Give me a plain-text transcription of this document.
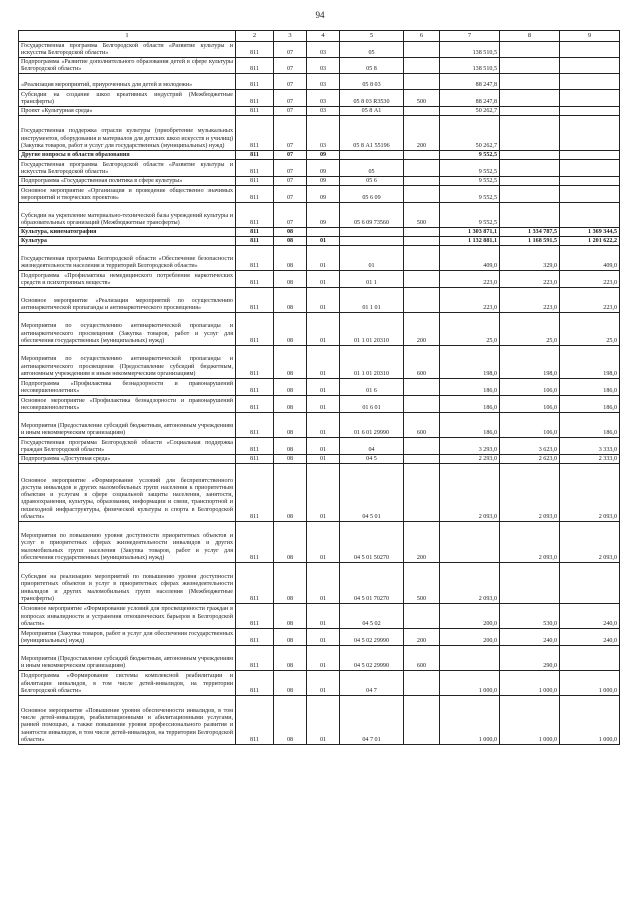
94
1	2	3	4	5	6	7	8	9
Государственная программа Белгородской области «Развитие культуры и искусства Белгородской области»	811	07	03	05		138 510,5		
Подпрограмма «Развитие дополнительного образования детей в сфере культуры Белгородской области»	811	07	03	05 8		138 510,5		
«Реализация мероприятий, приуроченных для детей и молодежи»	811	07	03	05 8 03		88 247,8		
Субсидии на создание школ креативных индустрий (Межбюджетные трансферты)	811	07	03	05 8 03 R3530	500	88 247,8		
Проект «Культурная среда»	811	07	03	05 8 А1		50 262,7		
Государственная поддержка отрасли культуры (приобретение музыкальных инструментов, оборудования и материалов для детских школ искусств и училищ) (Закупка товаров, работ и услуг для государственных (муниципальных) нужд)	811	07	03	05 8 А1 55196	200	50 262,7		
Другие вопросы в области образования	811	07	09			9 552,5		
Государственная программа Белгородской области «Развитие культуры и искусства Белгородской области»	811	07	09	05		9 552,5		
Подпрограмма «Государственная политика в сфере культуры»	811	07	09	05 6		9 552,5		
Основное мероприятие «Организация и проведение общественно значимых мероприятий и творческих проектов»	811	07	09	05 6 09		9 552,5		
Субсидии на укрепление материально-технической базы учреждений культуры и образовательных организаций (Межбюджетные трансферты)	811	07	09	05 6 09 73560	500	9 552,5		
Культура, кинематография	811	08				1 303 871,1	1 334 787,5	1 369 344,5
Культура	811	08	01			1 132 881,1	1 168 591,5	1 201 622,2
Государственная программа Белгородской области «Обеспечение безопасности жизнедеятельности населения и территорий Белгородской области»	811	08	01	01		409,0	329,0	409,0
Подпрограмма «Профилактика немедицинского потребления наркотических средств и психотропных веществ»	811	08	01	01 1		223,0	223,0	223,0
Основное мероприятие «Реализация мероприятий по осуществлению антинаркотической пропаганды и антинаркотического просвещения»	811	08	01	01 1 01		223,0	223,0	223,0
Мероприятия по осуществлению антинаркотической пропаганды и антинаркотического просвещения (Закупка товаров, работ и услуг для обеспечения государственных (муниципальных) нужд)	811	08	01	01 1 01 20310	200	25,0	25,0	25,0
Мероприятия по осуществлению антинаркотической пропаганды и антинаркотического просвещения (Предоставление субсидий бюджетным, автономным учреждениям и иным некоммерческим организациям)	811	08	01	01 1 01 20310	600	198,0	198,0	198,0
Подпрограмма «Профилактика безнадзорности и правонарушений несовершеннолетних»	811	08	01	01 6		186,0	106,0	186,0
Основное мероприятие «Профилактика безнадзорности и правонарушений несовершеннолетних»	811	08	01	01 6 01		186,0	106,0	186,0
Мероприятия (Предоставление субсидий бюджетным, автономным учреждениям и иным некоммерческим организациям)	811	08	01	01 6 01 29990	600	186,0	106,0	186,0
Государственная программа Белгородской области «Социальная поддержка граждан Белгородской области»	811	08	01	04		3 293,0	3 623,0	3 333,0
Подпрограмма «Доступная среда»	811	08	01	04 5		2 293,0	2 623,0	2 333,0
Основное мероприятие «Формирование условий для беспрепятственного доступа инвалидов и других маломобильных групп населения к приоритетным объектам и услугам в сфере социальной защиты населения, занятости, здравоохранения, культуры, образования, информации и связи, транспортной и пешеходной инфраструктуры, физической культуры и спорта в Белгородской области»	811	08	01	04 5 01		2 093,0	2 093,0	2 093,0
Мероприятия по повышению уровня доступности приоритетных объектов и услуг в приоритетных сферах жизнедеятельности инвалидов и других маломобильных групп населения (Закупка товаров, работ и услуг для обеспечения государственных (муниципальных) нужд)	811	08	01	04 5 01 50270	200		2 093,0	2 093,0
Субсидии на реализацию мероприятий по повышению уровня доступности приоритетных объектов и услуг в приоритетных сферах жизнедеятельности инвалидов и других маломобильных групп населения (Межбюджетные трансферты)	811	08	01	04 5 01 70270	500	2 093,0		
Основное мероприятие «Формирование условий для просвещенности граждан в вопросах инвалидности и устранения отношенческих барьеров в Белгородской области»	811	08	01	04 5 02		200,0	530,0	240,0
Мероприятия (Закупка товаров, работ и услуг для обеспечения государственных (муниципальных) нужд)	811	08	01	04 5 02 29990	200	200,0	240,0	240,0
Мероприятия (Предоставление субсидий бюджетным, автономным учреждениям и иным некоммерческим организациям)	811	08	01	04 5 02 29990	600		290,0	
Подпрограмма «Формирование системы комплексной реабилитации и абилитации инвалидов, в том числе детей-инвалидов, на территории Белгородской области»	811	08	01	04 7		1 000,0	1 000,0	1 000,0
Основное мероприятие «Повышение уровня обеспеченности инвалидов, в том числе детей-инвалидов, реабилитационными и абилитационными услугами, ранней помощью, а также повышение уровня профессионального развития и занятости инвалидов, в том числе детей-инвалидов, на территории Белгородской области»	811	08	01	04 7 01		1 000,0	1 000,0	1 000,0
